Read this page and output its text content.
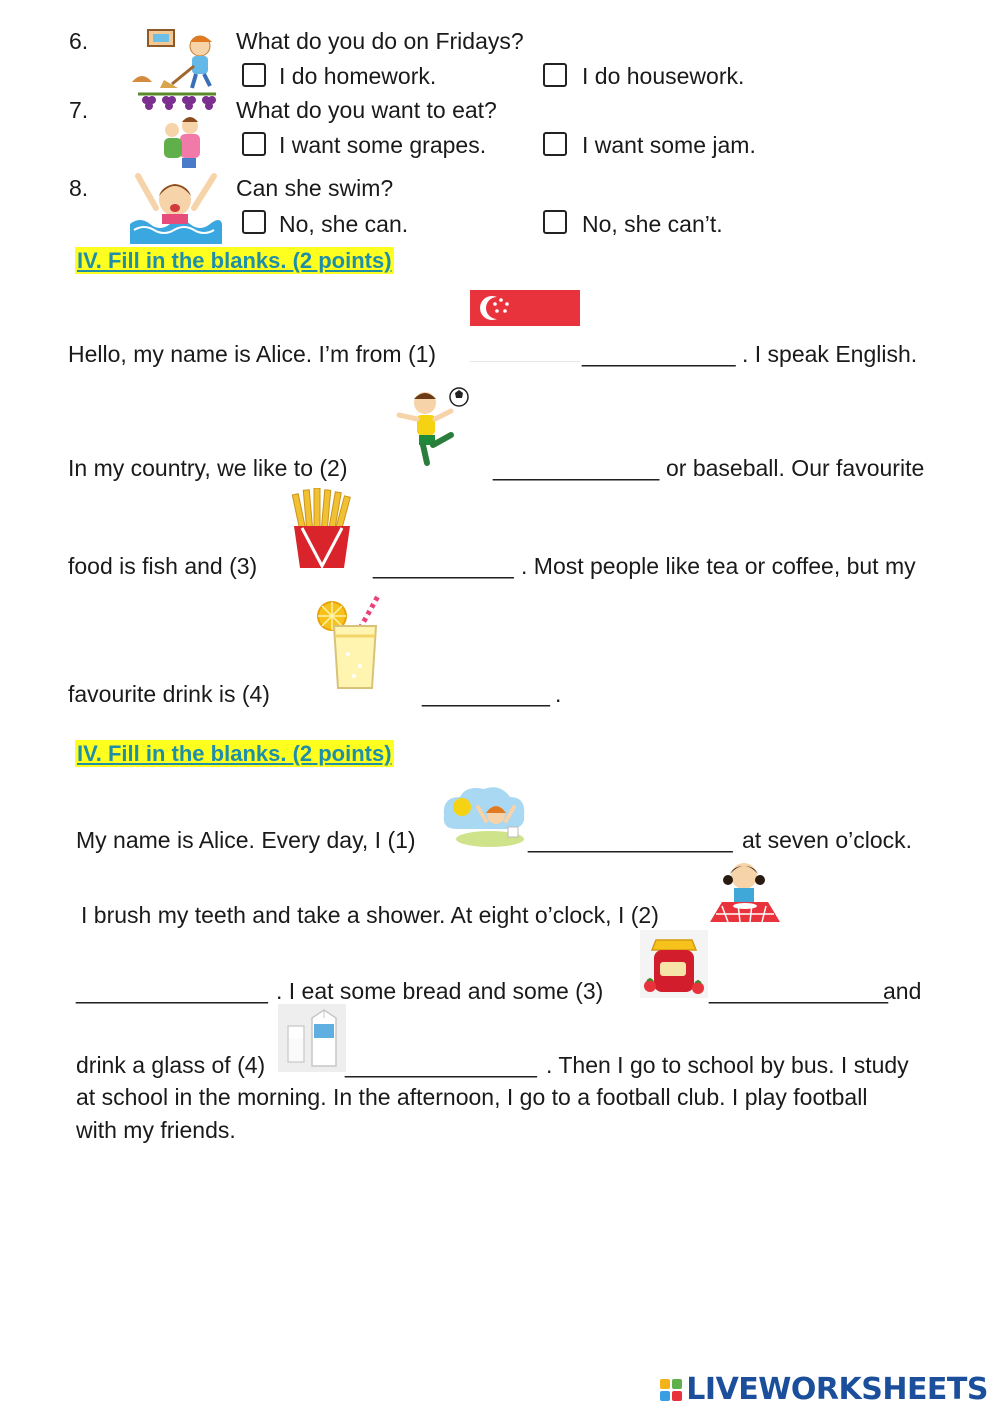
6.	What do you do on Fridays?
I do homework.	I do housework.
7.	What do you want to eat?
I want some grapes.	I want some jam.
8.	Can she swim?
No, she can.	No, she can’t.
IV. Fill in the blanks. (2 points)
Hello, my name is Alice. I’m from (1)	____________ . I speak English.
In my country, we like to (2)	_____________ or baseball. Our favourite
food is fish and (3)	___________ . Most people like tea or coffee, but my
favourite drink is (4)	__________ .
IV. Fill in the blanks. (2 points)
My name is Alice. Every day, I (1)	________________ at seven o’clock.
I brush my teeth and take a shower. At eight o’clock, I (2)
_______________ . I eat some bread and some (3)	______________
and
drink a glass of (4)	_______________ . Then I go to school by bus. I study
at school in the morning. In the afternoon, I go to a football club. I play football
with my friends.
LIVEWORKSHEETS
